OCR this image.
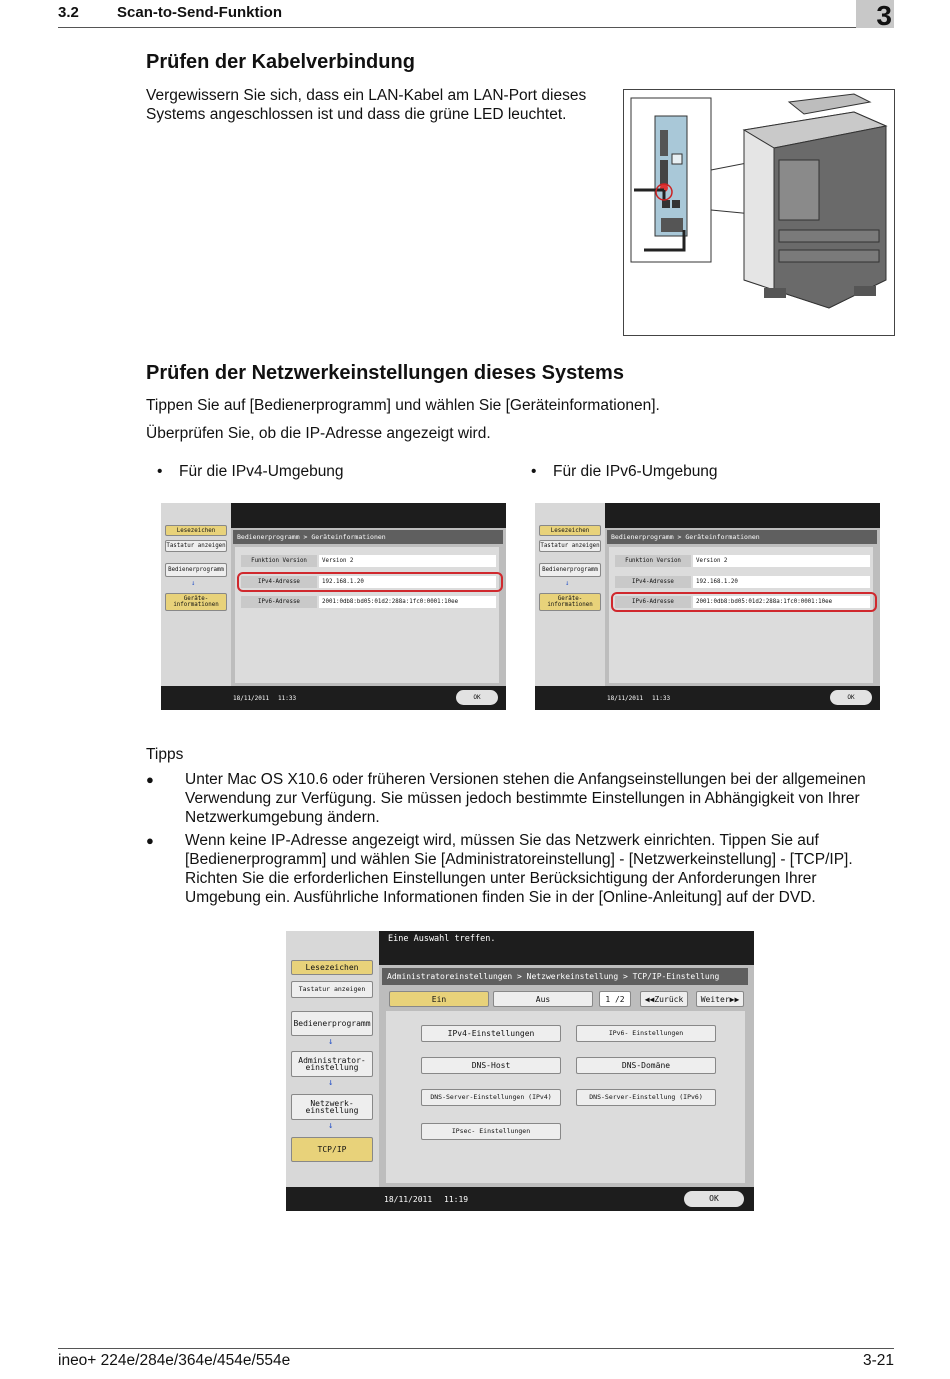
3.2	Scan-to-Send-Funktion	3
Prüfen der Kabelverbindung
Vergewissern Sie sich, dass ein LAN-Kabel am LAN-Port dieses
Systems angeschlossen ist und dass die grüne LED leuchtet.
Prüfen der Netzwerkeinstellungen dieses Systems
Tippen Sie auf [Bedienerprogramm] und wählen Sie [Geräteinformationen].
Überprüfen Sie, ob die IP-Adresse angezeigt wird.
• Für die IPv4-Umgebung	• Für die IPv6-Umgebung
Lesezeichen
Tastatur anzeigen
Bedienerprogramm
↓
Geräte- informationen
Bedienerprogramm > Geräteinformationen
Funktion Version	Version 2
IPv4-Adresse	192.168.1.20
IPv6-Adresse	2001:0db8:bd05:01d2:288a:1fc0:0001:10ee
18/11/2011 11:33	OK
Lesezeichen
Tastatur anzeigen
Bedienerprogramm
↓
Geräte- informationen
Bedienerprogramm > Geräteinformationen
Funktion Version	Version 2
IPv4-Adresse	192.168.1.20
IPv6-Adresse	2001:0db8:bd05:01d2:288a:1fc0:0001:10ee
18/11/2011 11:33	OK
Tipps
● Unter Mac OS X10.6 oder früheren Versionen stehen die Anfangseinstellungen bei der allgemeinen Verwendung zur Verfügung. Sie müssen jedoch bestimmte Einstellungen in Abhängigkeit von Ihrer Netzwerkumgebung ändern.
● Wenn keine IP-Adresse angezeigt wird, müssen Sie das Netzwerk einrichten. Tippen Sie auf [Bedienerprogramm] und wählen Sie [Administratoreinstellung] - [Netzwerkeinstellung] - [TCP/IP]. Richten Sie die erforderlichen Einstellungen unter Berücksichtigung der Anforderungen Ihrer Umgebung ein. Ausführliche Informationen finden Sie in der [Online-Anleitung] auf der DVD.
Eine Auswahl treffen.
Lesezeichen
Tastatur anzeigen
Bedienerprogramm
↓
Administrator- einstellung
↓
Netzwerk- einstellung
↓
TCP/IP
Administratoreinstellungen > Netzwerkeinstellung > TCP/IP-Einstellung
Ein	Aus	1 /2	◀◀Zurück	Weiter▶▶
IPv4-Einstellungen	IPv6- Einstellungen
DNS-Host	DNS-Domäne
DNS-Server-Einstellungen (IPv4)	DNS-Server-Einstellung (IPv6)
IPsec- Einstellungen
18/11/2011 11:19	OK
ineo+ 224e/284e/364e/454e/554e	3-21
